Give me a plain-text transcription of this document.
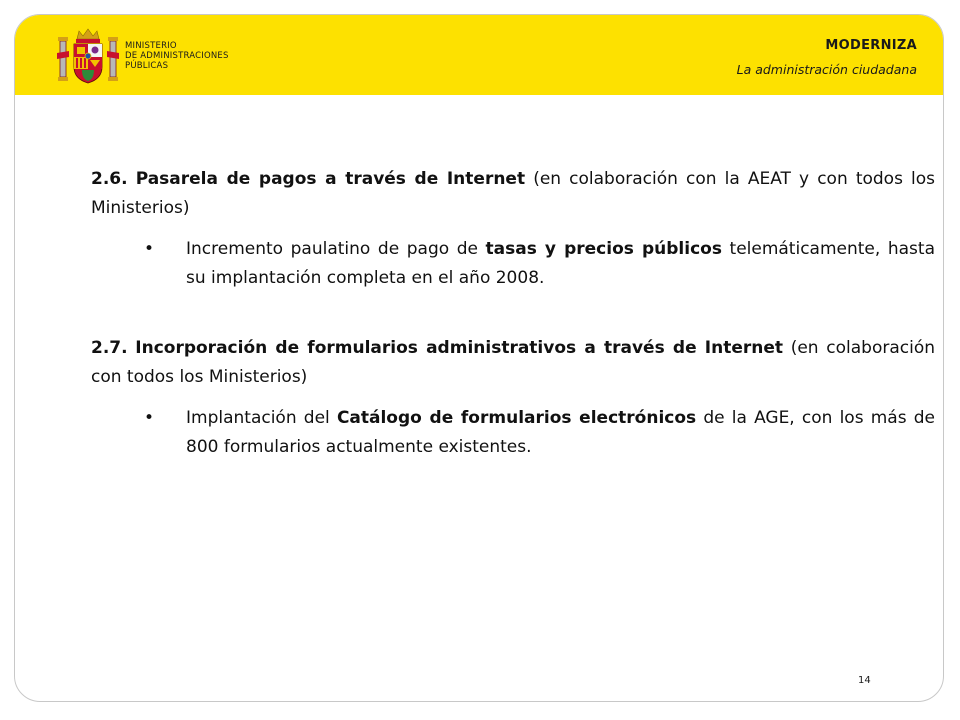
MINISTERIO
DE ADMINISTRACIONES
PÚBLICAS
MODERNIZA
La administración ciudadana

2.6. Pasarela de pagos a través de Internet (en colaboración con la AEAT y con todos los Ministerios)

• Incremento paulatino de pago de tasas y precios públicos telemáticamente, hasta su implantación completa en el año 2008.

2.7. Incorporación de formularios administrativos a través de Internet (en colaboración con todos los Ministerios)

• Implantación del Catálogo de formularios electrónicos de la AGE, con los más de 800 formularios actualmente existentes.
14
